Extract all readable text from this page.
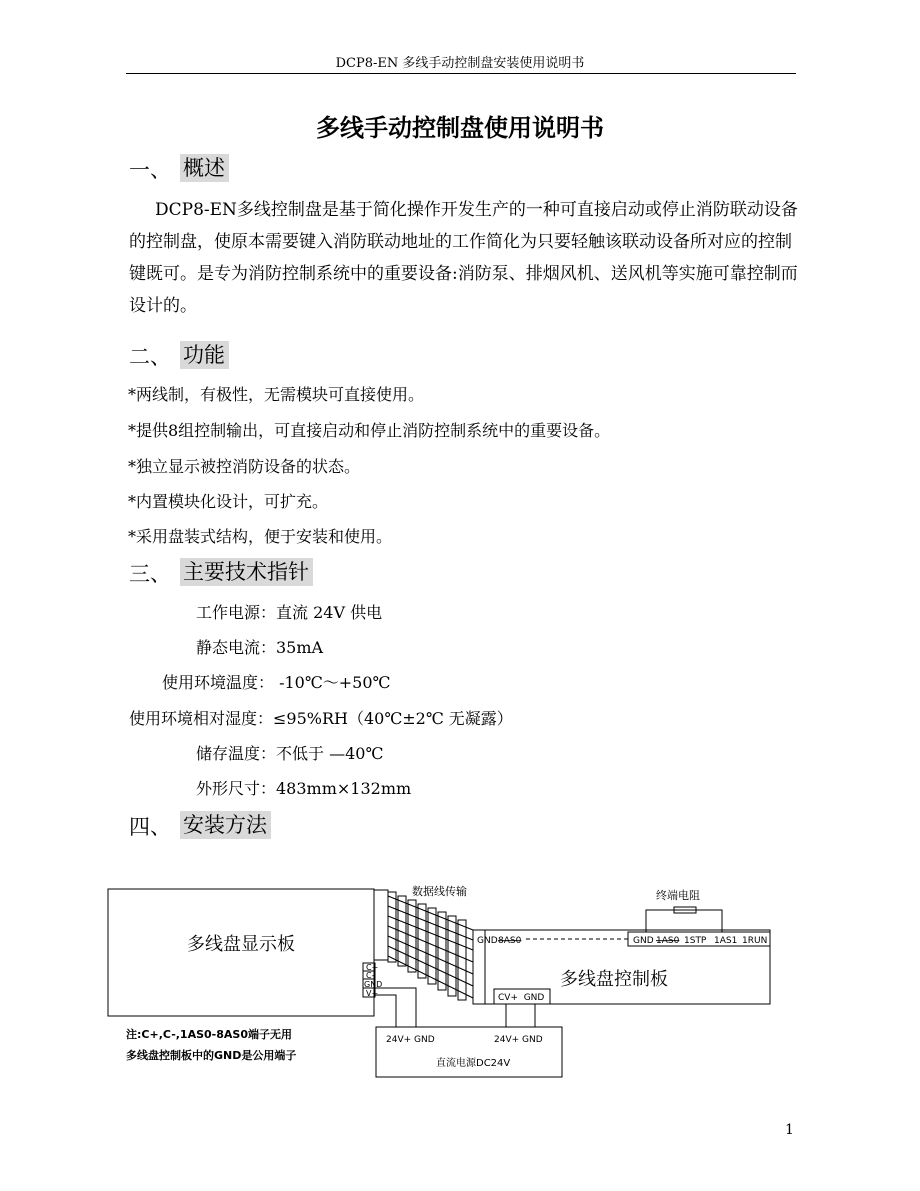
DCP8-EN 多线手动控制盘安装使用说明书
多线手动控制盘使用说明书
一、 概述

DCP8-EN多线控制盘是基于简化操作开发生产的一种可直接启动或停止消防联动设备的控制盘，使原本需要键入消防联动地址的工作简化为只要轻触该联动设备所对应的控制键既可。是专为消防控制系统中的重要设备:消防泵、排烟风机、送风机等实施可靠控制而设计的。

二、 功能
*两线制，有极性，无需模块可直接使用。
*提供8组控制输出，可直接启动和停止消防控制系统中的重要设备。
*独立显示被控消防设备的状态。
*内置模块化设计，可扩充。
*采用盘装式结构，便于安装和使用。
三、 主要技术指针
工作电源：直流 24V 供电
静态电流：35mA
使用环境温度： -10℃～+50℃
使用环境相对湿度：≤95%RH（40℃±2℃ 无凝露）
储存温度：不低于 —40℃
外形尺寸：483mm×132mm
四、 安装方法
多线盘显示板
数据线传输	终端电阻
多线盘控制板
C+
C-
GND
V+
GND 8AS0	GND 1AS0 1STP 1AS1 1RUN
CV+  GND
24V+ GND	24V+ GND
直流电源DC24V
注:C+,C-,1AS0-8AS0端子无用
多线盘控制板中的GND是公用端子
1
